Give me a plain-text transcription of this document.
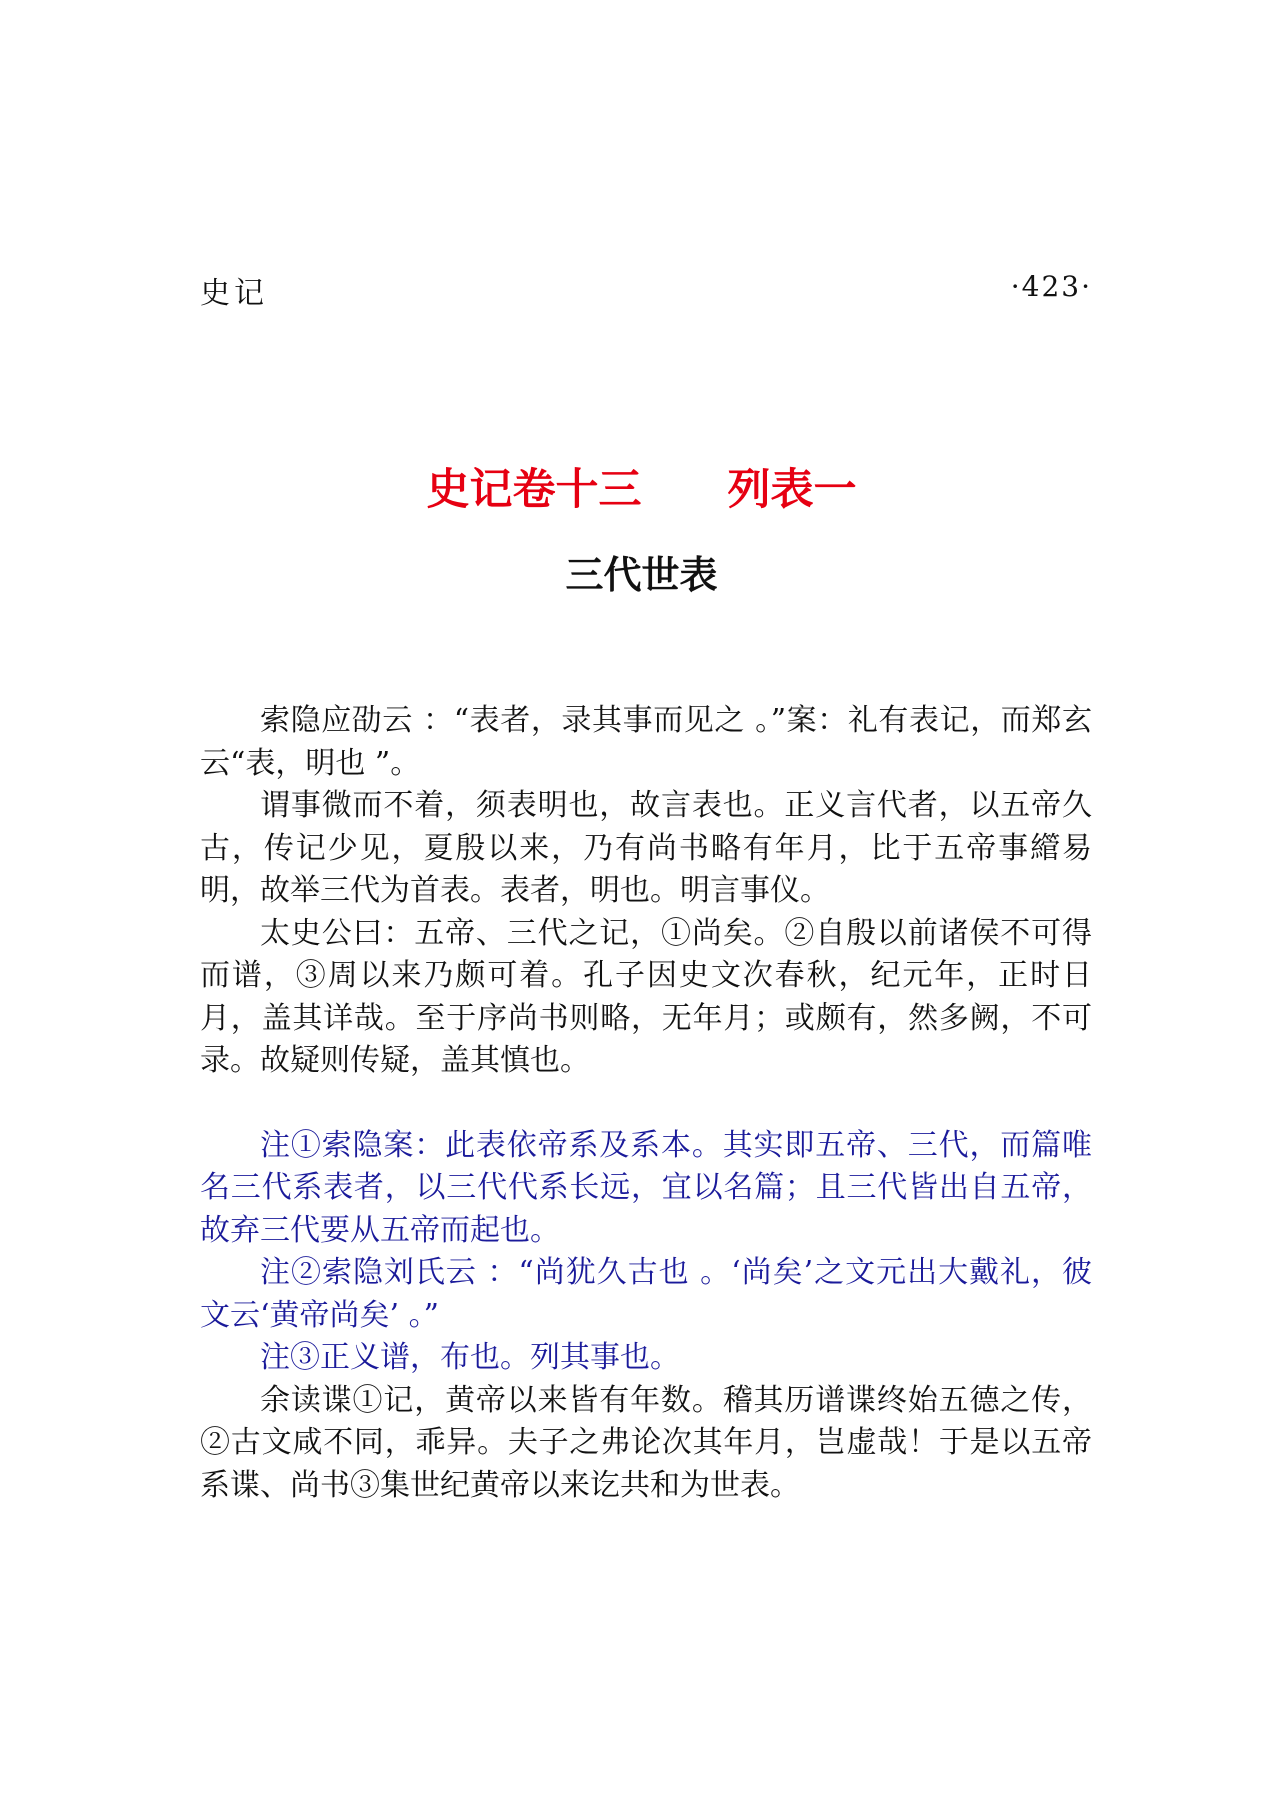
史记	·423·
史记卷十三　　列表一
三代世表

索隐应劭云 ：“表者，录其事而见之 。”案：礼有表记，而郑玄云“表，明也 ”。

谓事微而不着，须表明也，故言表也。正义言代者，以五帝久古，传记少见，夏殷以来，乃有尚书略有年月，比于五帝事䌣易明，故举三代为首表。表者，明也。明言事仪。

太史公曰：五帝、三代之记，①尚矣。②自殷以前诸侯不可得而谱，③周以来乃颇可着。孔子因史文次春秋，纪元年，正时日月，盖其详哉。至于序尚书则略，无年月；或颇有，然多阙，不可录。故疑则传疑，盖其慎也。

注①索隐案：此表依帝系及系本。其实即五帝、三代，而篇唯名三代系表者，以三代代系长远，宜以名篇；且三代皆出自五帝，故弃三代要从五帝而起也。

注②索隐刘氏云 ：“尚犹久古也 。‘尚矣’之文元出大戴礼，彼文云‘黄帝尚矣’ 。”

注③正义谱，布也。列其事也。

余读谍①记，黄帝以来皆有年数。稽其历谱谍终始五德之传，②古文咸不同，乖异。夫子之弗论次其年月，岂虚哉！于是以五帝系谍、尚书③集世纪黄帝以来讫共和为世表。
